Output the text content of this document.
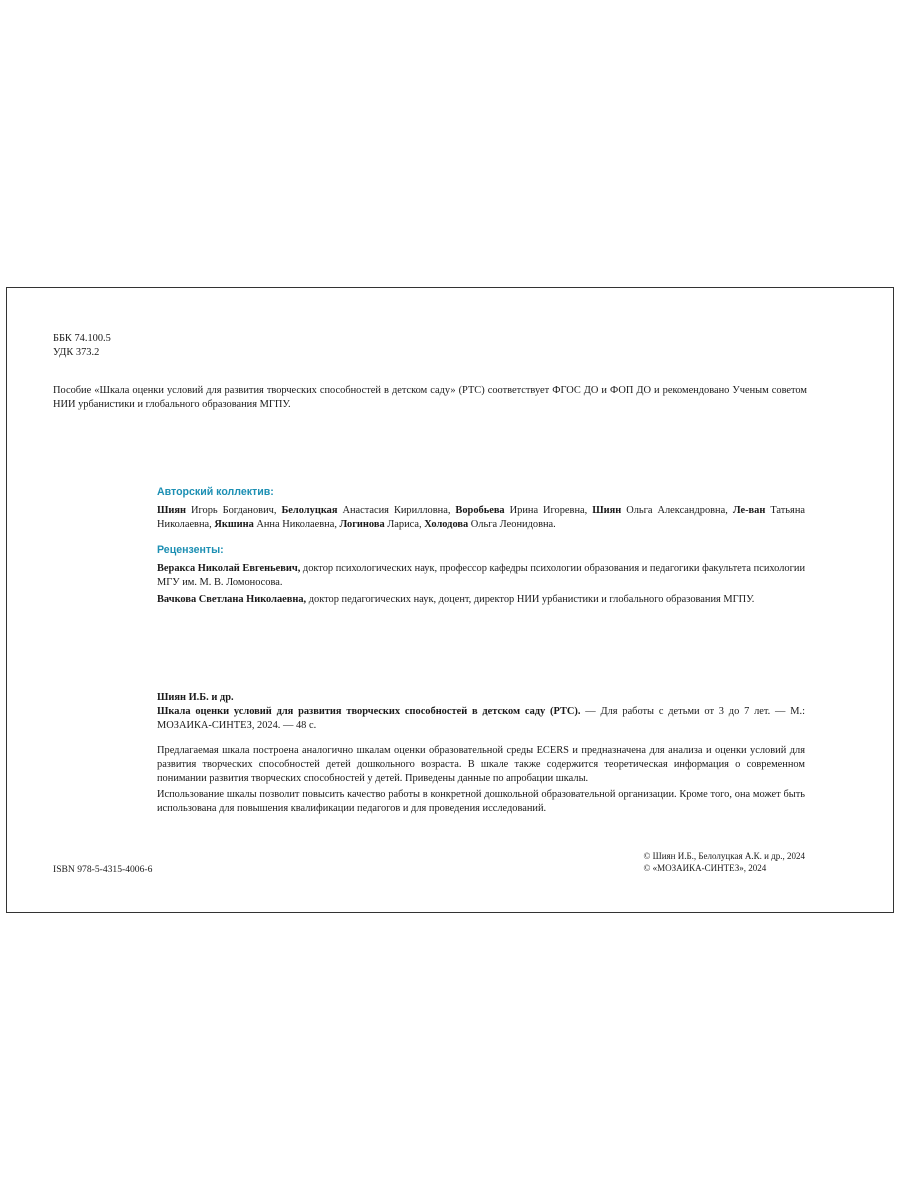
ББК 74.100.5
УДК 373.2

Пособие «Шкала оценки условий для развития творческих способностей в детском саду» (РТС) соответствует ФГОС ДО и ФОП ДО и рекомендовано Ученым советом НИИ урбанистики и глобального образования МГПУ.

Авторский коллектив:

Шиян Игорь Богданович, Белолуцкая Анастасия Кирилловна, Воробьева Ирина Игоревна, Шиян Ольга Александровна, Ле-ван Татьяна Николаевна, Якшина Анна Николаевна, Логинова Лариса, Холодова Ольга Леонидовна.

Рецензенты:

Веракса Николай Евгеньевич, доктор психологических наук, профессор кафедры психологии образования и педагогики факультета психологии МГУ им. М. В. Ломоносова.

Вачкова Светлана Николаевна, доктор педагогических наук, доцент, директор НИИ урбанистики и глобального образования МГПУ.

Шиян И.Б. и др.

Шкала оценки условий для развития творческих способностей в детском саду (РТС). — Для работы с детьми от 3 до 7 лет. — М.: МОЗАИКА-СИНТЕЗ, 2024. — 48 с.

Предлагаемая шкала построена аналогично шкалам оценки образовательной среды ECERS и предназначена для анализа и оценки условий для развития творческих способностей детей дошкольного возраста. В шкале также содержится теоретическая информация о современном понимании развития творческих способностей у детей. Приведены данные по апробации шкалы.

Использование шкалы позволит повысить качество работы в конкретной дошкольной образовательной организации. Кроме того, она может быть использована для повышения квалификации педагогов и для проведения исследований.

ISBN 978-5-4315-4006-6
© Шиян И.Б., Белолуцкая А.К. и др., 2024
© «МОЗАИКА-СИНТЕЗ», 2024
